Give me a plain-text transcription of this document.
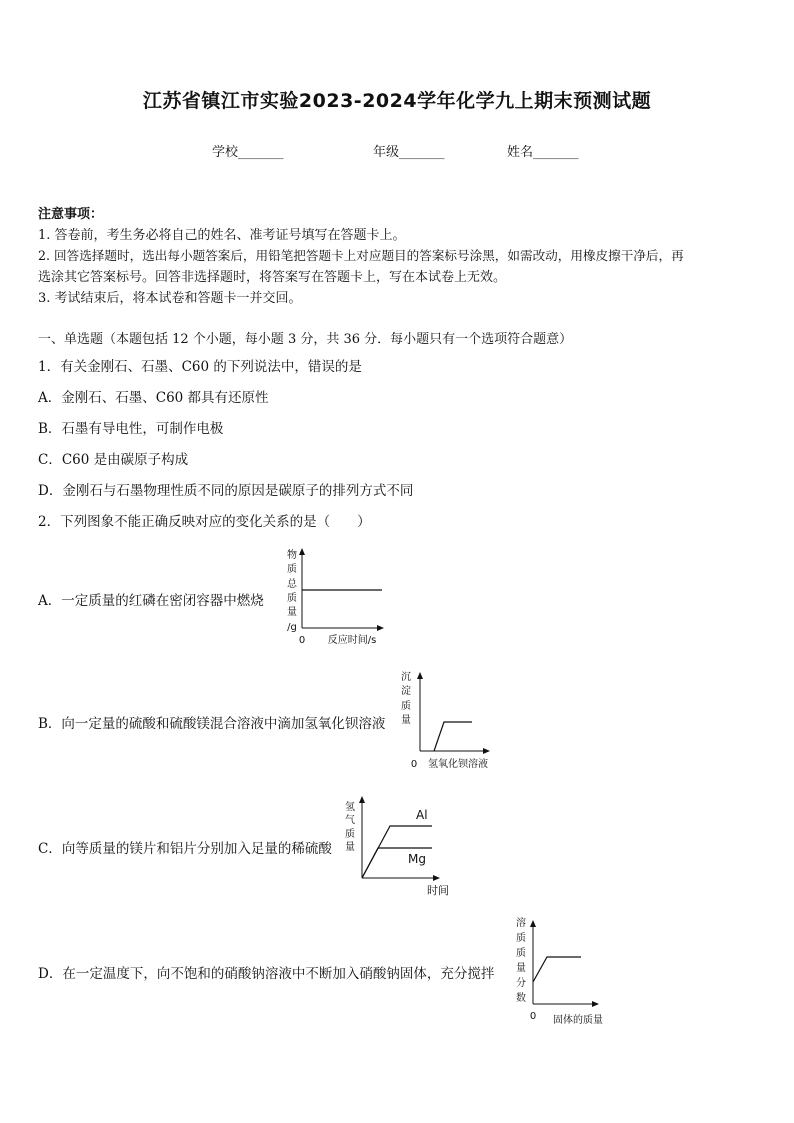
江苏省镇江市实验2023-2024学年化学九上期末预测试题
学校_______	年级_______	姓名_______
注意事项：
1. 答卷前，考生务必将自己的姓名、准考证号填写在答题卡上。
2. 回答选择题时，选出每小题答案后，用铅笔把答题卡上对应题目的答案标号涂黑，如需改动，用橡皮擦干净后，再
选涂其它答案标号。回答非选择题时，将答案写在答题卡上，写在本试卷上无效。
3. 考试结束后，将本试卷和答题卡一并交回。
一、单选题（本题包括 12 个小题，每小题 3 分，共 36 分．每小题只有一个选项符合题意）
1．有关金刚石、石墨、C60 的下列说法中，错误的是
A．金刚石、石墨、C60 都具有还原性
B．石墨有导电性，可制作电极
C．C60 是由碳原子构成
D．金刚石与石墨物理性质不同的原因是碳原子的排列方式不同
2．下列图象不能正确反映对应的变化关系的是（　　）
A．一定质量的红磷在密闭容器中燃烧
物
质
总
质
量
/g
0 反应时间/s
B．向一定量的硫酸和硫酸镁混合溶液中滴加氢氧化钡溶液
沉
淀
质
量
0 氢氧化钡溶液
C．向等质量的镁片和铝片分别加入足量的稀硫酸
氢
气
质
量
Al
Mg
时间
D．在一定温度下，向不饱和的硝酸钠溶液中不断加入硝酸钠固体，充分搅拌
溶
质
质
量
分
数
0 固体的质量
